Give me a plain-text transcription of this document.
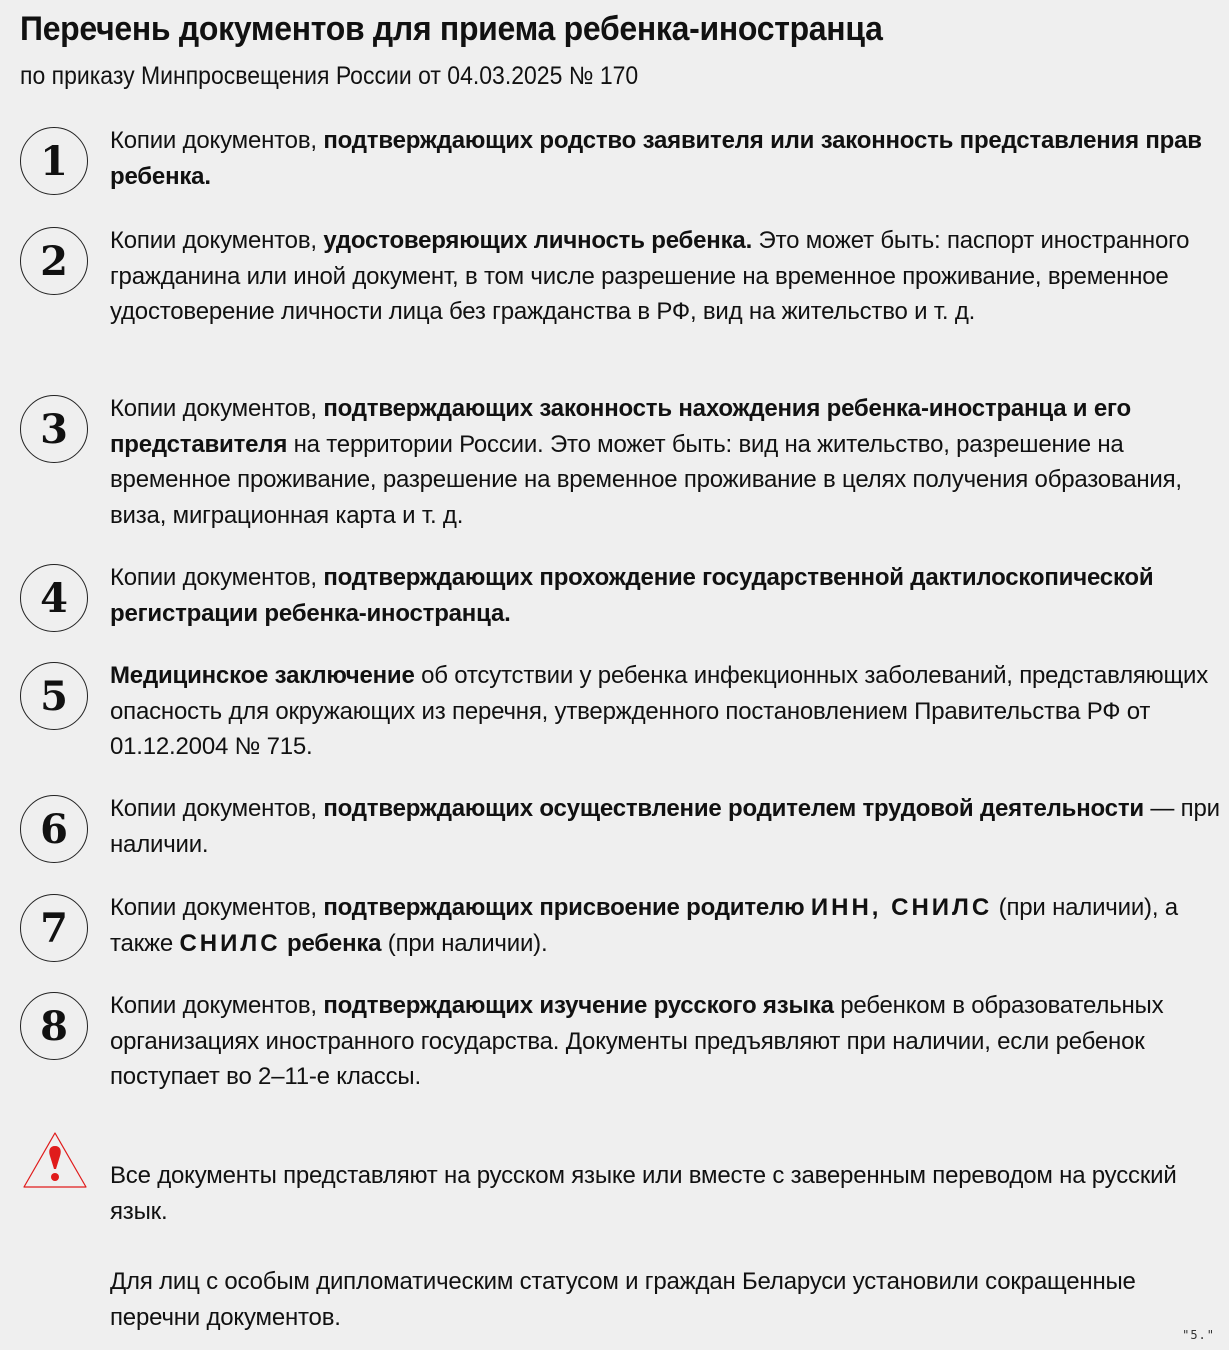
Перечень документов для приема ребенка-иностранца
по приказу Минпросвещения России от 04.03.2025 № 170
1	Копии документов, подтверждающих родство заявителя или законность представления прав ребенка.
2	Копии документов, удостоверяющих личность ребенка. Это может быть: паспорт иностранного гражданина или иной документ, в том числе разрешение на временное проживание, временное удостоверение личности лица без гражданства в РФ, вид на жительство и т. д.
3	Копии документов, подтверждающих законность нахождения ребенка-иностранца и его представителя на территории России. Это может быть: вид на жительство, разрешение на временное проживание, разрешение на временное проживание в целях получения образования, виза, миграционная карта и т. д.
4	Копии документов, подтверждающих прохождение государственной дактилоскопической регистрации ребенка-иностранца.
5	Медицинское заключение об отсутствии у ребенка инфекционных заболеваний, представляющих опасность для окружающих из перечня, утвержденного постановлением Правительства РФ от 01.12.2004 № 715.
6	Копии документов, подтверждающих осуществление родителем трудовой деятельности — при наличии.
7	Копии документов, подтверждающих присвоение родителю ИНН, СНИЛС (при наличии), а также СНИЛС ребенка (при наличии).
8	Копии документов, подтверждающих изучение русского языка ребенком в образовательных организациях иностранного государства. Документы предъявляют при наличии, если ребенок поступает во 2–11-е классы.
Все документы представляют на русском языке или вместе с заверенным переводом на русский язык.
Для лиц с особым дипломатическим статусом и граждан Беларуси установили сокращенные перечни документов.
"5."
